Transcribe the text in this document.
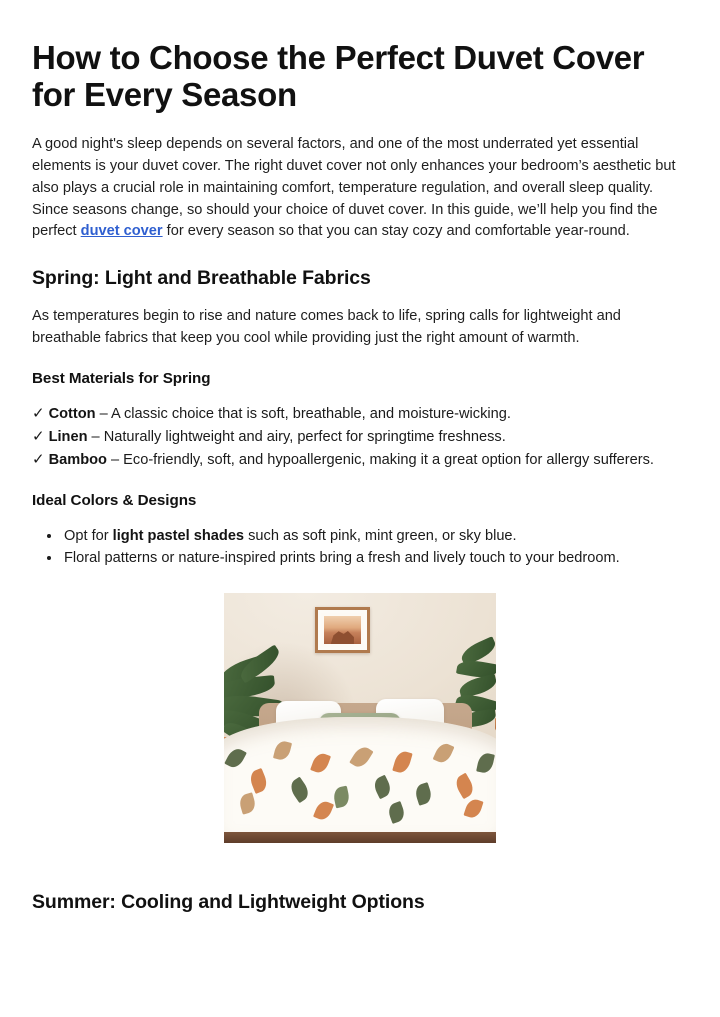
How to Choose the Perfect Duvet Cover for Every Season

A good night's sleep depends on several factors, and one of the most underrated yet essential elements is your duvet cover. The right duvet cover not only enhances your bedroom’s aesthetic but also plays a crucial role in maintaining comfort, temperature regulation, and overall sleep quality. Since seasons change, so should your choice of duvet cover. In this guide, we’ll help you find the perfect duvet cover for every season so that you can stay cozy and comfortable year-round.

Spring: Light and Breathable Fabrics

As temperatures begin to rise and nature comes back to life, spring calls for lightweight and breathable fabrics that keep you cool while providing just the right amount of warmth.

Best Materials for Spring
✓ Cotton – A classic choice that is soft, breathable, and moisture-wicking.
✓ Linen – Naturally lightweight and airy, perfect for springtime freshness.
✓ Bamboo – Eco-friendly, soft, and hypoallergenic, making it a great option for allergy sufferers.
Ideal Colors & Designs
• Opt for light pastel shades such as soft pink, mint green, or sky blue.
• Floral patterns or nature-inspired prints bring a fresh and lively touch to your bedroom.
Summer: Cooling and Lightweight Options
